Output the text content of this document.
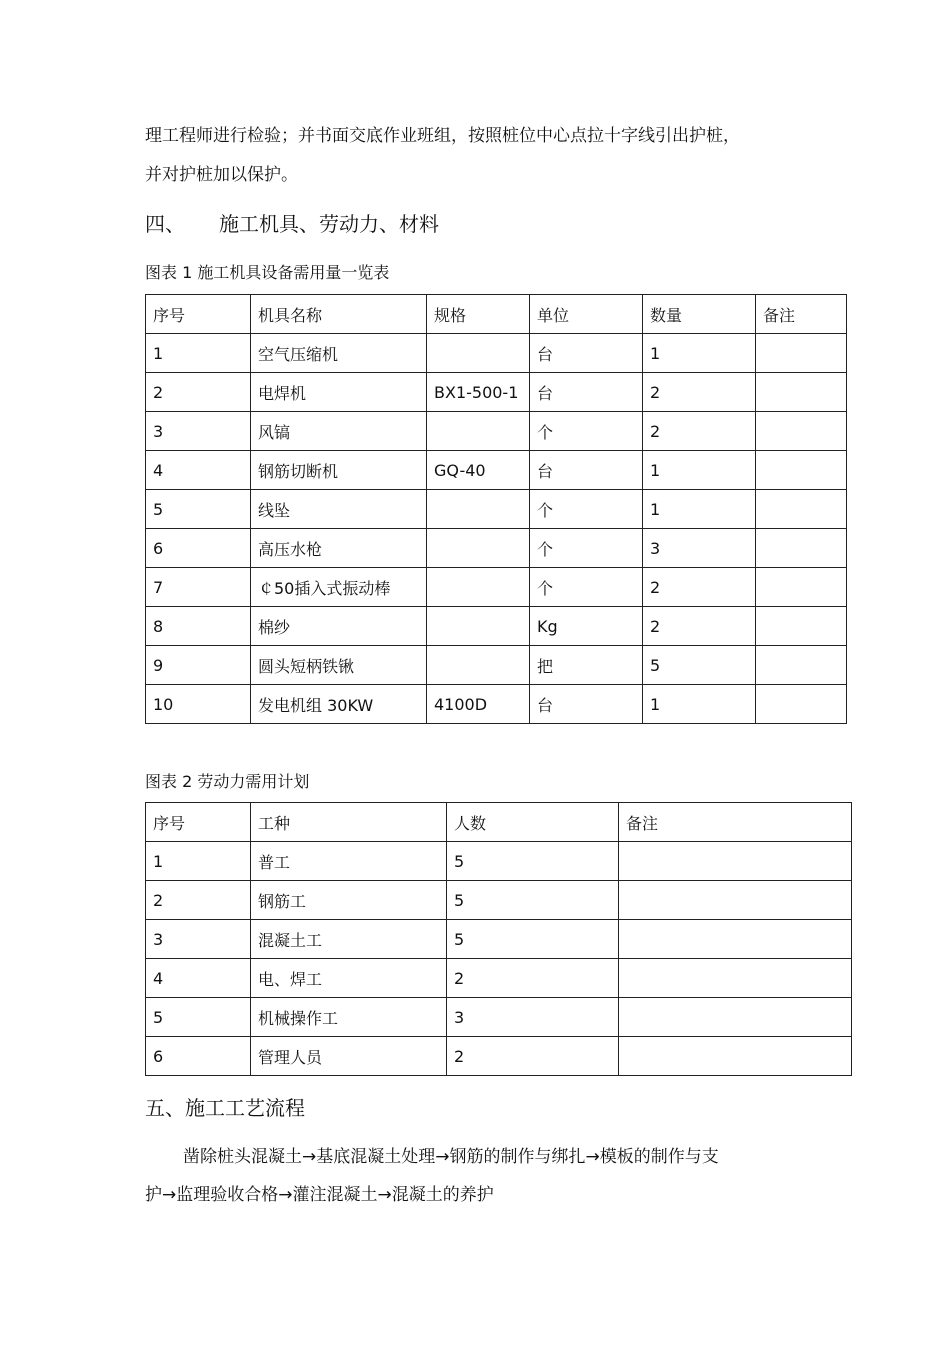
理工程师进行检验；并书面交底作业班组，按照桩位中心点拉十字线引出护桩，
并对护桩加以保护。
四、 施工机具、劳动力、材料
图表 1 施工机具设备需用量一览表
序号	机具名称	规格	单位	数量	备注
1	空气压缩机		台	1	
2	电焊机	BX1-500-1	台	2	
3	风镐		个	2	
4	钢筋切断机	GQ-40	台	1	
5	线坠		个	1	
6	高压水枪		个	3	
7	￠50插入式振动棒		个	2	
8	棉纱		Kg	2	
9	圆头短柄铁锹		把	5	
10	发电机组 30KW	4100D	台	1	
图表 2 劳动力需用计划
序号	工种	人数	备注
1	普工	5	
2	钢筋工	5	
3	混凝土工	5	
4	电、焊工	2	
5	机械操作工	3	
6	管理人员	2	
五、施工工艺流程
凿除桩头混凝土→基底混凝土处理→钢筋的制作与绑扎→模板的制作与支
护→监理验收合格→灌注混凝土→混凝土的养护
